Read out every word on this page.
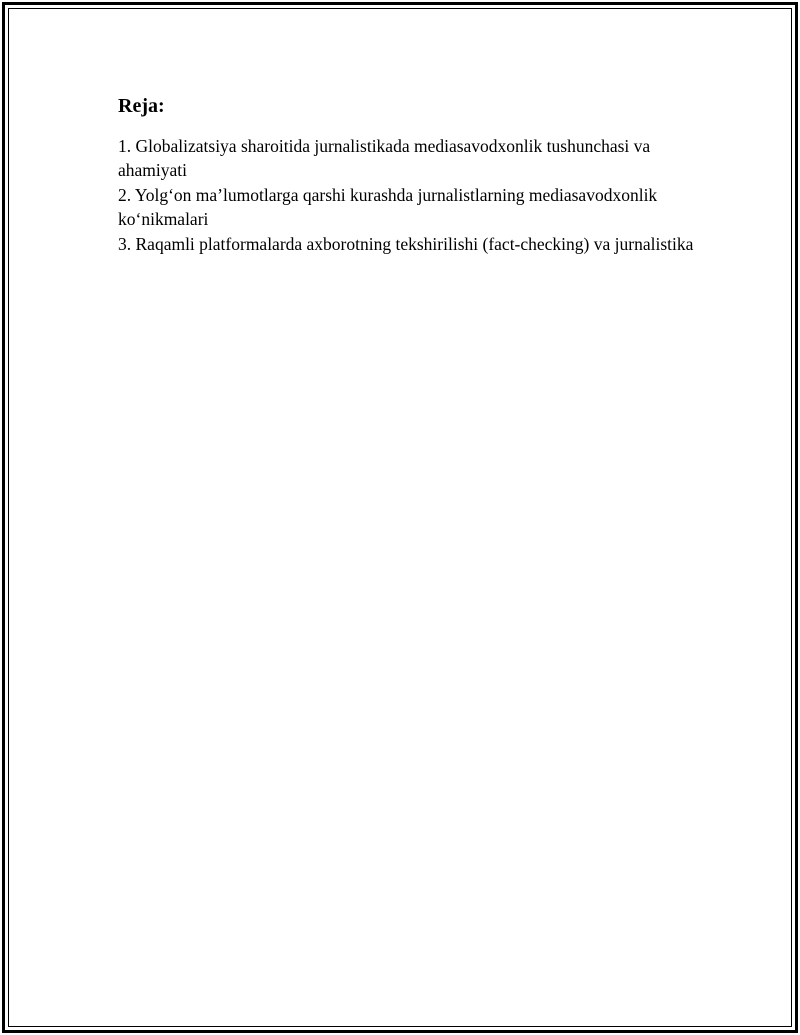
Reja:

1. Globalizatsiya sharoitida jurnalistikada mediasavodxonlik tushunchasi va ahamiyati

2. Yolg‘on ma’lumotlarga qarshi kurashda jurnalistlarning mediasavodxonlik ko‘nikmalari

3. Raqamli platformalarda axborotning tekshirilishi (fact-checking) va jurnalistika
